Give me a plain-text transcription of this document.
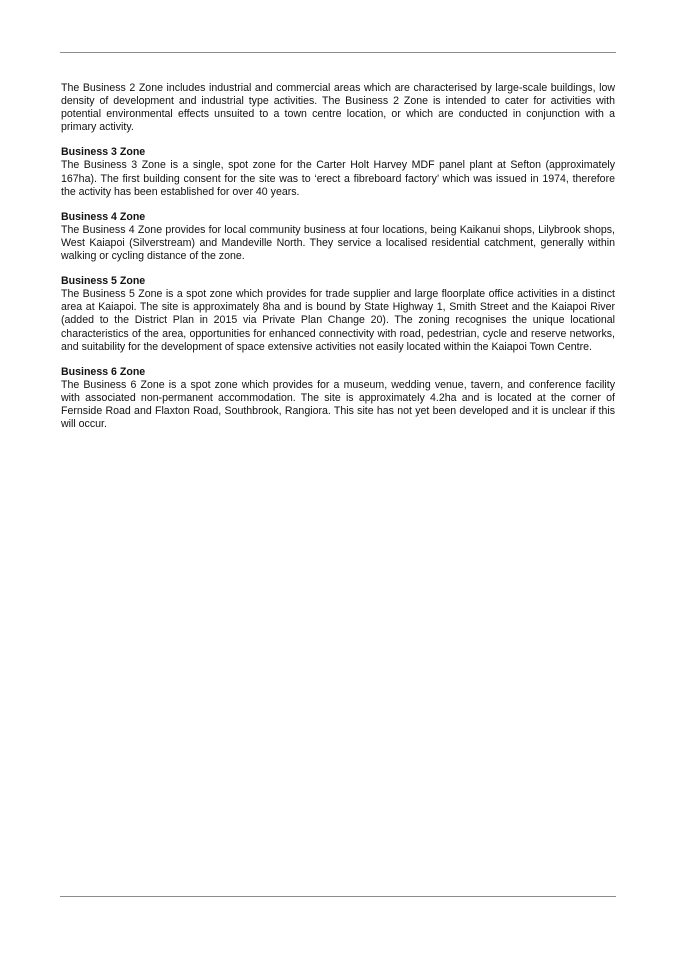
The Business 2 Zone includes industrial and commercial areas which are characterised by large-scale buildings, low density of development and industrial type activities. The Business 2 Zone is intended to cater for activities with potential environmental effects unsuited to a town centre location, or which are conducted in conjunction with a primary activity.

Business 3 Zone

The Business 3 Zone is a single, spot zone for the Carter Holt Harvey MDF panel plant at Sefton (approximately 167ha). The first building consent for the site was to ‘erect a fibreboard factory’ which was issued in 1974, therefore the activity has been established for over 40 years.

Business 4 Zone

The Business 4 Zone provides for local community business at four locations, being Kaikanui shops, Lilybrook shops, West Kaiapoi (Silverstream) and Mandeville North. They service a localised residential catchment, generally within walking or cycling distance of the zone.

Business 5 Zone

The Business 5 Zone is a spot zone which provides for trade supplier and large floorplate office activities in a distinct area at Kaiapoi. The site is approximately 8ha and is bound by State Highway 1, Smith Street and the Kaiapoi River (added to the District Plan in 2015 via Private Plan Change 20). The zoning recognises the unique locational characteristics of the area, opportunities for enhanced connectivity with road, pedestrian, cycle and reserve networks, and suitability for the development of space extensive activities not easily located within the Kaiapoi Town Centre.

Business 6 Zone

The Business 6 Zone is a spot zone which provides for a museum, wedding venue, tavern, and conference facility with associated non-permanent accommodation. The site is approximately 4.2ha and is located at the corner of Fernside Road and Flaxton Road, Southbrook, Rangiora. This site has not yet been developed and it is unclear if this will occur.
